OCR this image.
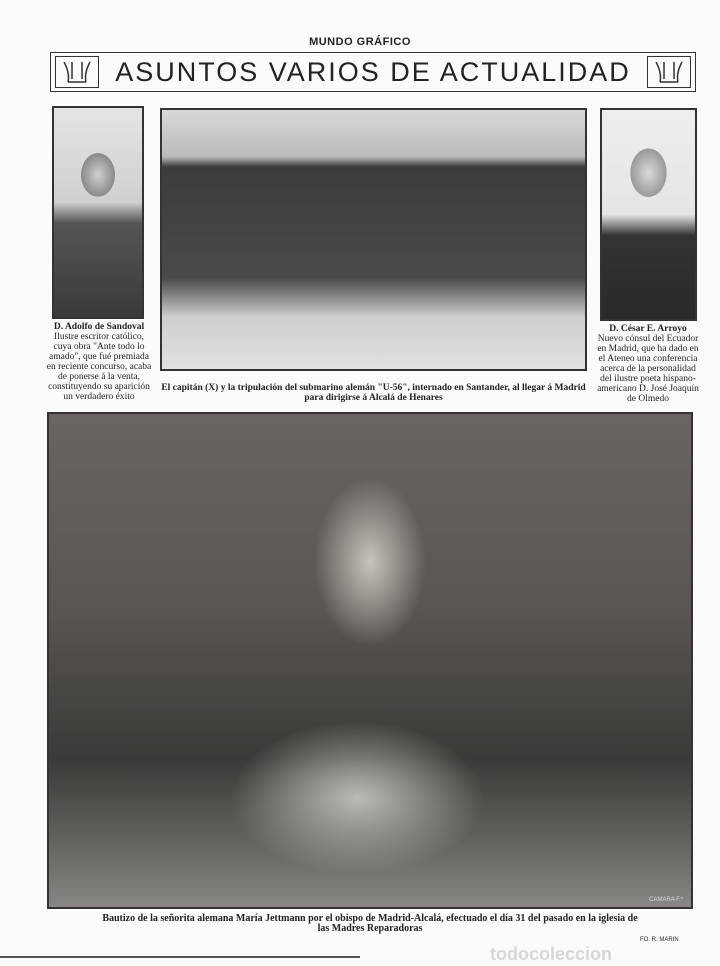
MUNDO GRÁFICO
ASUNTOS VARIOS DE ACTUALIDAD
CAMARA F.T.
D. Adolfo de Sandoval
Ilustre escritor católico, cuya obra "Ante todo lo amado", que fué premiada en reciente concurso, acaba de ponerse á la venta, constituyendo su aparición un verdadero éxito
El capitán (X) y la tripulación del submarino alemán "U-56", internado en Santander, al llegar á Madrid para dirigirse á Alcalá de Henares
D. César E. Arroyo
Nuevo cónsul del Ecuador en Madrid, que ha dado en el Ateneo una conferencia acerca de la personalidad del ilustre poeta hispano-americano D. José Joaquín de Olmedo
CAMARA F.º
Bautizo de la señorita alemana María Jettmann por el obispo de Madrid-Alcalá, efectuado el día 31 del pasado en la iglesia de las Madres Reparadoras
FO. R. MARIN
todocoleccion
